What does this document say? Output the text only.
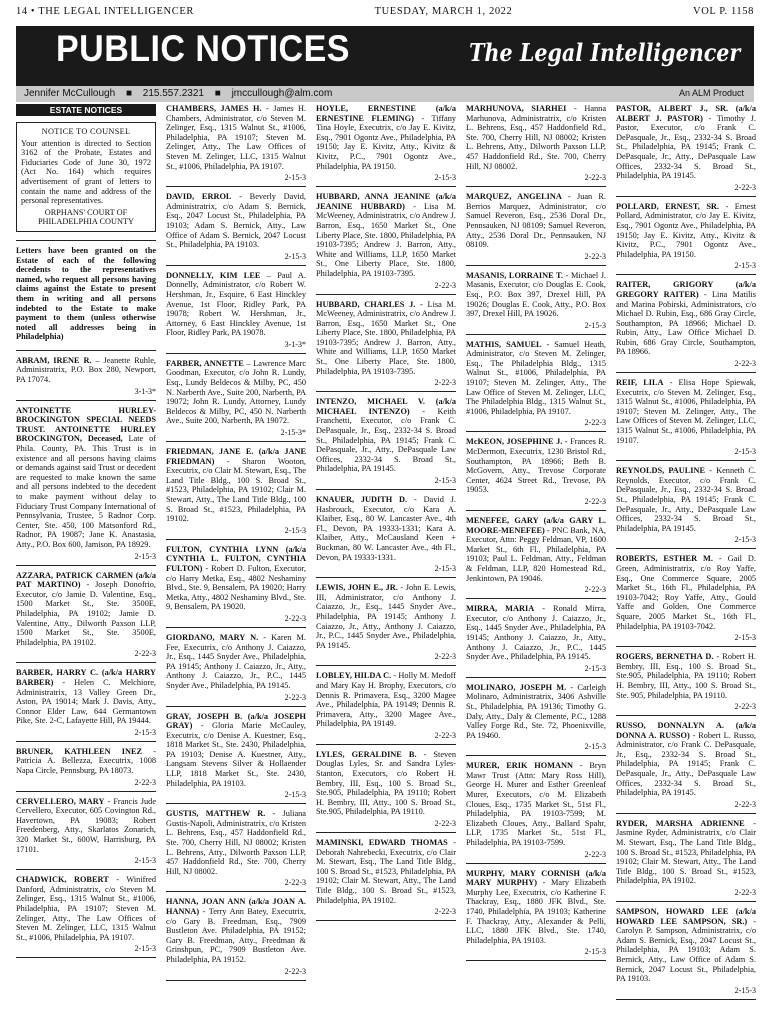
14 • THE LEGAL INTELLIGENCER	TUESDAY, MARCH 1, 2022	VOL P. 1158
PUBLIC NOTICES	The Legal Intelligencer
Jennifer McCullough ■ 215.557.2321 ■ jmccullough@alm.com	An ALM Product
ESTATE NOTICES
NOTICE TO COUNSEL
Your attention is directed to Section 3162 of the Probate, Estates and Fiduciaries Code of June 30, 1972 (Act No. 164) which requires advertisement of grant of letters to contain the name and address of the personal representatives.
ORPHANS' COURT OF PHILADELPHIA COUNTY
Letters have been granted on the Estate of each of the following decedents to the representatives named, who request all persons having claims against the Estate to present them in writing and all persons indebted to the Estate to make payment to them (unless otherwise noted all addresses being in Philadelphia)
ABRAM, IRENE R. – Jeanette Ruhle, Administratrix, P.O. Box 280, Newport, PA 17074.
3-1-3*
ANTOINETTE HURLEY-BROCKINGTON SPECIAL NEEDS TRUST. ANTOINETTE HURLEY BROCKINGTON, Deceased, Late of Phila. County, PA. This Trust is in existence and all persons having claims or demands against said Trust or decedent are requested to make known the same and all persons indebted to the decedent to make payment without delay to Fiduciary Trust Company International of Pennsylvania, Trustee, 5 Radnor Corp. Center, Ste. 450, 100 Matsonford Rd., Radnor, PA 19087; Jane K. Anastasia, Atty., P.O. Box 600, Jamison, PA 18929.
2-15-3
AZZARA, PATRICK CARMEN (a/k/a PAT MARTINO) - Joseph Donofrio, Executor, c/o Jamie D. Valentine, Esq., 1500 Market St., Ste. 3500E, Philadelphia, PA 19102; Jamie D. Valentine, Atty., Dilworth Paxson LLP, 1500 Market St., Ste. 3500E, Philadelphia, PA 19102.
2-22-3
BARBER, HARRY C. (a/k/a HARRY BARBER) - Helen C. Melchiore, Administratrix, 13 Valley Green Dr., Aston, PA 19014; Mark J. Davis, Atty., Connor Elder Law, 644 Germantown Pike, Ste. 2-C, Lafayette Hill, PA 19444.
2-15-3
BRUNER, KATHLEEN INEZ - Patricia A. Bellezza, Executrix, 1008 Napa Circle, Pennsburg, PA 18073.
2-22-3
CERVELLERO, MARY - Francis Jude Cervellero, Executor, 605 Covington Rd., Havertown, PA 19083; Robert Freedenberg, Atty., Skarlatos Zonarich, 320 Market St., 600W, Harrisburg, PA 17101.
2-15-3
CHADWICK, ROBERT - Winifred Danford, Administratrix, c/o Steven M. Zelinger, Esq., 1315 Walnut St., #1006, Philadelphia, PA 19107; Steven M. Zelinger, Atty., The Law Offices of Steven M. Zelinger, LLC, 1315 Walnut St., #1006, Philadelphia, PA 19107.
2-15-3
CHAMBERS, JAMES H. - James H. Chambers, Administrator, c/o Steven M. Zelinger, Esq., 1315 Walnut St., #1006, Philadelphia, PA 19107; Steven M. Zelinger, Atty., The Law Offices of Steven M. Zelinger, LLC, 1315 Walnut St., #1006, Philadelphia, PA 19107.
2-15-3
DAVID, ERROL - Beverly David, Administratrix, c/o Adam S. Bernick, Esq., 2047 Locust St., Philadelphia, PA 19103; Adam S. Bernick, Atty., Law Office of Adam S. Bernick, 2047 Locust St., Philadelphia, PA 19103.
2-15-3
DONNELLY, KIM LEE – Paul A. Donnelly, Administrator, c/o Robert W. Hershman, Jr., Esquire, 6 East Hinckley Avenue, 1st Floor, Ridley Park, PA 19078; Robert W. Hershman, Jr., Attorney, 6 East Hinckley Avenue, 1st Floor, Ridley Park, PA 19078.
3-1-3*
FARBER, ANNETTE – Lawrence Marc Goodman, Executor, c/o John R. Lundy, Esq., Lundy Beldecos & Milby, PC, 450 N. Narberth Ave., Suite 200, Narberth, PA 19072; John R. Lundy, Attorney, Lundy Beldecos & Milby, PC, 450 N. Narberth Ave., Suite 200, Narberth, PA 19072.
2-15-3*
FRIEDMAN, JANE E. (a/k/a JANE FRIEDMAN) - Sharon Wooton, Executrix, c/o Clair M. Stewart, Esq., The Land Title Bldg., 100 S. Broad St., #1523, Philadelphia, PA 19102; Clair M. Stewart, Atty., The Land Title Bldg., 100 S. Broad St., #1523, Philadelphia, PA 19102.
2-15-3
FULTON, CYNTHIA LYNN (a/k/a CYNTHIA L. FULTON, CYNTHIA FULTON) - Robert D. Fulton, Executor, c/o Harry Metka, Esq., 4802 Neshaminy Blvd., Ste. 9, Bensalem, PA 19020; Harry Metka, Atty., 4802 Neshaminy Blvd., Ste. 9, Bensalem, PA 19020.
2-22-3
GIORDANO, MARY N. - Karen M. Fee, Executrix, c/o Anthony J. Caiazzo, Jr., Esq., 1445 Snyder Ave., Philadelphia, PA 19145; Anthony J. Caiazzo, Jr., Atty., Anthony J. Caiazzo, Jr., P.C., 1445 Snyder Ave., Philadelphia, PA 19145.
2-22-3
GRAY, JOSEPH B. (a/k/a JOSEPH GRAY) - Gloria Marie McCauley, Executrix, c/o Denise A. Kuestner, Esq., 1818 Market St., Ste. 2430, Philadelphia, PA 19103; Denise A. Kuestner, Atty., Langsam Stevens Silver & Hollaender LLP, 1818 Market St., Ste. 2430, Philadelphia, PA 19103.
2-15-3
GUSTIS, MATTHEW R. - Juliana Gustis-Napoli, Administratrix, c/o Kristen L. Behrens, Esq., 457 Haddonfield Rd., Ste. 700, Cherry Hill, NJ 08002; Kristen L. Behrens, Atty., Dilworth Paxson LLP, 457 Haddonfield Rd., Ste. 700, Cherry Hill, NJ 08002.
2-22-3
HANNA, JOAN ANN (a/k/a JOAN A. HANNA) - Terry Ann Batey, Executrix, c/o Gary B. Freedman, Esq., 7909 Bustleton Ave. Philadelphia, PA 19152; Gary B. Freedman, Atty., Freedman & Grinshpun, PC, 7909 Bustleton Ave. Philadelphia, PA 19152.
2-22-3
HOYLE, ERNESTINE (a/k/a ERNESTINE FLEMING) - Tiffany Tina Hoyle, Executrix, c/o Jay E. Kivitz, Esq., 7901 Ogontz Ave., Philadelphia, PA 19150; Jay E. Kivitz, Atty., Kivitz & Kivitz, P.C., 7901 Ogontz Ave., Philadelphia, PA 19150.
2-15-3
HUBBARD, ANNA JEANINE (a/k/a JEANINE HUBBARD) - Lisa M. McWeeney, Administratrix, c/o Andrew J. Barron, Esq., 1650 Market St., One Liberty Place, Ste. 1800, Philadelphia, PA 19103-7395; Andrew J. Barron, Atty., White and Williams, LLP, 1650 Market St., One Liberty Place, Ste. 1800, Philadelphia, PA 19103-7395.
2-22-3
HUBBARD, CHARLES J. - Lisa M. McWeeney, Administratrix, c/o Andrew J. Barron, Esq., 1650 Market St., One Liberty Place, Ste. 1800, Philadelphia, PA 19103-7395; Andrew J. Barron, Atty., White and Williams, LLP, 1650 Market St., One Liberty Place, Ste. 1800, Philadelphia, PA 19103-7395.
2-22-3
INTENZO, MICHAEL V. (a/k/a MICHAEL INTENZO) - Keith Franchetti, Executor, c/o Frank C. DePasquale, Jr., Esq., 2332-34 S. Broad St., Philadelphia, PA 19145; Frank C. DePasquale, Jr., Atty., DePasquale Law Offices, 2332-34 S. Broad St., Philadelphia, PA 19145.
2-15-3
KNAUER, JUDITH D. - David J. Hasbrouck, Executor, c/o Kara A. Klaiber, Esq., 80 W. Lancaster Ave., 4th Fl., Devon, PA 19333-1331; Kara A. Klaiber, Atty., McCausland Keen + Buckman, 80 W. Lancaster Ave., 4th Fl., Devon, PA 19333-1331.
2-15-3
LEWIS, JOHN E., JR. - John E. Lewis, III, Administrator, c/o Anthony J. Caiazzo, Jr., Esq., 1445 Snyder Ave., Philadelphia, PA 19145; Anthony J. Caiazzo, Jr., Atty., Anthony J. Caiazzo, Jr., P.C., 1445 Snyder Ave., Philadelphia, PA 19145.
2-22-3
LOBLEY, HILDA C. - Holly M. Medoff and Mary Kay H. Brophy, Executors, c/o Dennis R. Primavera, Esq., 3200 Magee Ave., Philadelphia, PA 19149; Dennis R. Primavera, Atty., 3200 Magee Ave., Philadelphia, PA 19149.
2-22-3
LYLES, GERALDINE B. - Steven Douglas Lyles, Sr. and Sandra Lyles-Stanton, Executors, c/o Robert H. Bembry, III, Esq., 100 S. Broad St., Ste.905, Philadelphia, PA 19110; Robert H. Bembry, III, Atty., 100 S. Broad St., Ste.905, Philadelphia, PA 19110.
2-22-3
MAMINSKI, EDWARD THOMAS - Deborah Nahrebecki, Executrix, c/o Clair M. Stewart, Esq., The Land Title Bldg., 100 S. Broad St., #1523, Philadelphia, PA 19102; Clair M. Stewart, Atty., The Land Title Bldg., 100 S. Broad St., #1523, Philadelphia, PA 19102.
2-22-3
MARHUNOVA, SIARHEI - Hanna Marhunova, Administratrix, c/o Kristen L. Behrens, Esq., 457 Haddonfield Rd., Ste. 700, Cherry Hill, NJ 08002; Kristen L. Behrens, Atty., Dilworth Paxson LLP, 457 Haddonfield Rd., Ste. 700, Cherry Hill, NJ 08002.
2-22-3
MARQUEZ, ANGELINA - Juan R. Berrios Marquez, Administrator, c/o Samuel Reveron, Esq., 2536 Doral Dr., Pennsauken, NJ 08109; Samuel Reveron, Atty., 2536 Doral Dr., Pennsauken, NJ 08109.
2-22-3
MASANIS, LORRAINE T. - Michael J. Masanis, Executor, c/o Douglas E. Cook, Esq., P.O. Box 397, Drexel Hill, PA 19026; Douglas E. Cook, Atty., P.O. Box 397, Drexel Hill, PA 19026.
2-15-3
MATHIS, SAMUEL - Samuel Heath, Administrator, c/o Steven M. Zelinger, Esq., The Philadelphia Bldg., 1315 Walnut St., #1006, Philadelphia, PA 19107; Steven M. Zelinger, Atty., The Law Office of Steven M. Zelinger, LLC, The Philadelphia Bldg., 1315 Walnut St., #1006, Philadelphia, PA 19107.
2-22-3
McKEON, JOSEPHINE J. - Frances R. McDermott, Executrix, 1230 Bristol Rd., Southampton, PA 18966; Beth B. McGovern, Atty., Trevose Corporate Center, 4624 Street Rd., Trevose, PA 19053.
2-22-3
MENEFEE, GARY (a/k/a GARY L. MOORE-MENEFEE) - PNC Bank, NA, Executor, Attn: Peggy Feldman, VP, 1600 Market St., 6th Fl., Philadelphia, PA 19103; Paul L. Feldman, Atty., Feldman & Feldman, LLP, 820 Homestead Rd., Jenkintown, PA 19046.
2-22-3
MIRRA, MARIA - Ronald Mirra, Executor, c/o Anthony J. Caiazzo, Jr., Esq., 1445 Snyder Ave., Philadelphia, PA 19145; Anthony J. Caiazzo, Jr., Atty., Anthony J. Caiazzo, Jr., P.C., 1445 Snyder Ave., Philadelphia, PA 19145.
2-15-3
MOLINARO, JOSEPH M. - Carleigh Molinaro, Administratrix, 3406 Ashville St., Philadelphia, PA 19136; Timothy G. Daly, Atty., Daly & Clemente, P.C., 1288 Valley Forge Rd., Ste. 72, Phoenixville, PA 19460.
2-15-3
MURER, ERIK HOMANN - Bryn Mawr Trust (Attn: Mary Ross Hill), George H. Murer and Esther Greenleaf Murer, Executors, c/o M. Elizabeth Cloues, Esq., 1735 Market St., 51st Fl., Philadelphia, PA 19103-7599; M. Elizabeth Cloues, Atty., Ballard Spahr, LLP, 1735 Market St., 51st Fl., Philadelphia, PA 19103-7599.
2-22-3
MURPHY, MARY CORNISH (a/k/a MARY MURPHY) - Mary Elizabeth Murphy Lee, Executrix, c/o Katherine F. Thackray, Esq., 1880 JFK Blvd., Ste. 1740, Philadelphia, PA 19103; Katherine F. Thackray, Atty., Alexander & Pelli, LLC, 1880 JFK Blvd., Ste. 1740, Philadelphia, PA 19103.
2-15-3
PASTOR, ALBERT J., SR. (a/k/a ALBERT J. PASTOR) - Timothy J. Pastor, Executor, c/o Frank C. DePasquale, Jr., Esq., 2332-34 S. Broad St., Philadelphia, PA 19145; Frank C. DePasquale, Jr., Atty., DePasquale Law Offices, 2332-34 S. Broad St., Philadelphia, PA 19145.
2-22-3
POLLARD, ERNEST, SR. - Ernest Pollard, Administrator, c/o Jay E. Kivitz, Esq., 7901 Ogontz Ave., Philadelphia, PA 19150; Jay E. Kivitz, Atty., Kivitz & Kivitz, P.C., 7901 Ogontz Ave., Philadelphia, PA 19150.
2-15-3
RAITER, GRIGORY (a/k/a GREGORY RAITER) - Lina Matilis and Marina Pobirski, Administrators, c/o Michael D. Rubin, Esq., 686 Gray Circle, Southampton, PA 18966; Michael D. Rubin, Atty., Law Office Michael D. Rubin, 686 Gray Circle, Southampton, PA 18966.
2-22-3
REIF, LILA - Elisa Hope Spiewak, Executrix, c/o Steven M. Zelinger, Esq., 1315 Walnut St., #1006, Philadelphia, PA 19107; Steven M. Zelinger, Atty., The Law Offices of Steven M. Zelinger, LLC, 1315 Walnut St., #1006, Philadelphia, PA 19107.
2-15-3
REYNOLDS, PAULINE - Kenneth C. Reynolds, Executor, c/o Frank C. DePasquale, Jr., Esq., 2332-34 S. Broad St., Philadelphia, PA 19145; Frank C. DePasquale, Jr., Atty., DePasquale Law Offices, 2332-34 S. Broad St., Philadelphia, PA 19145.
2-15-3
ROBERTS, ESTHER M. - Gail D. Green, Administratrix, c/o Roy Yaffe, Esq., One Commerce Square, 2005 Market St., 16th Fl., Philadelphia, PA 19103-7042; Roy Yaffe, Atty., Gould Yaffe and Golden, One Commerce Square, 2005 Market St., 16th Fl., Philadelphia, PA 19103-7042.
2-15-3
ROGERS, BERNETHA D. - Robert H. Bembry, III, Esq., 100 S. Broad St., Ste.905, Philadelphia, PA 19110; Robert H. Bembry, III, Atty., 100 S. Broad St., Ste. 905, Philadelphia, PA 19110.
2-22-3
RUSSO, DONNALYN A. (a/k/a DONNA A. RUSSO) - Robert L. Russo, Administrator, c/o Frank C. DePasquale, Jr., Esq., 2332-34 S. Broad St., Philadelphia, PA 19145; Frank C. DePasquale, Jr., Atty., DePasquale Law Offices, 2332-34 S. Broad St., Philadelphia, PA 19145.
2-22-3
RYDER, MARSHA ADRIENNE - Jasmine Ryder, Administratrix, c/o Clair M. Stewart, Esq., The Land Title Bldg., 100 S. Broad St., #1523, Philadelphia, PA 19102; Clair M. Stewart, Atty., The Land Title Bldg., 100 S. Broad St., #1523, Philadelphia, PA 19102.
2-22-3
SAMPSON, HOWARD LEE (a/k/a HOWARD LEE SAMPSON, SR.) - Carolyn P. Sampson, Administratrix, c/o Adam S. Bernick, Esq., 2047 Locust St., Philadelphia, PA 19103; Adam S. Bernick, Atty., Law Office of Adam S. Bernick, 2047 Locust St., Philadelphia, PA 19103.
2-15-3
